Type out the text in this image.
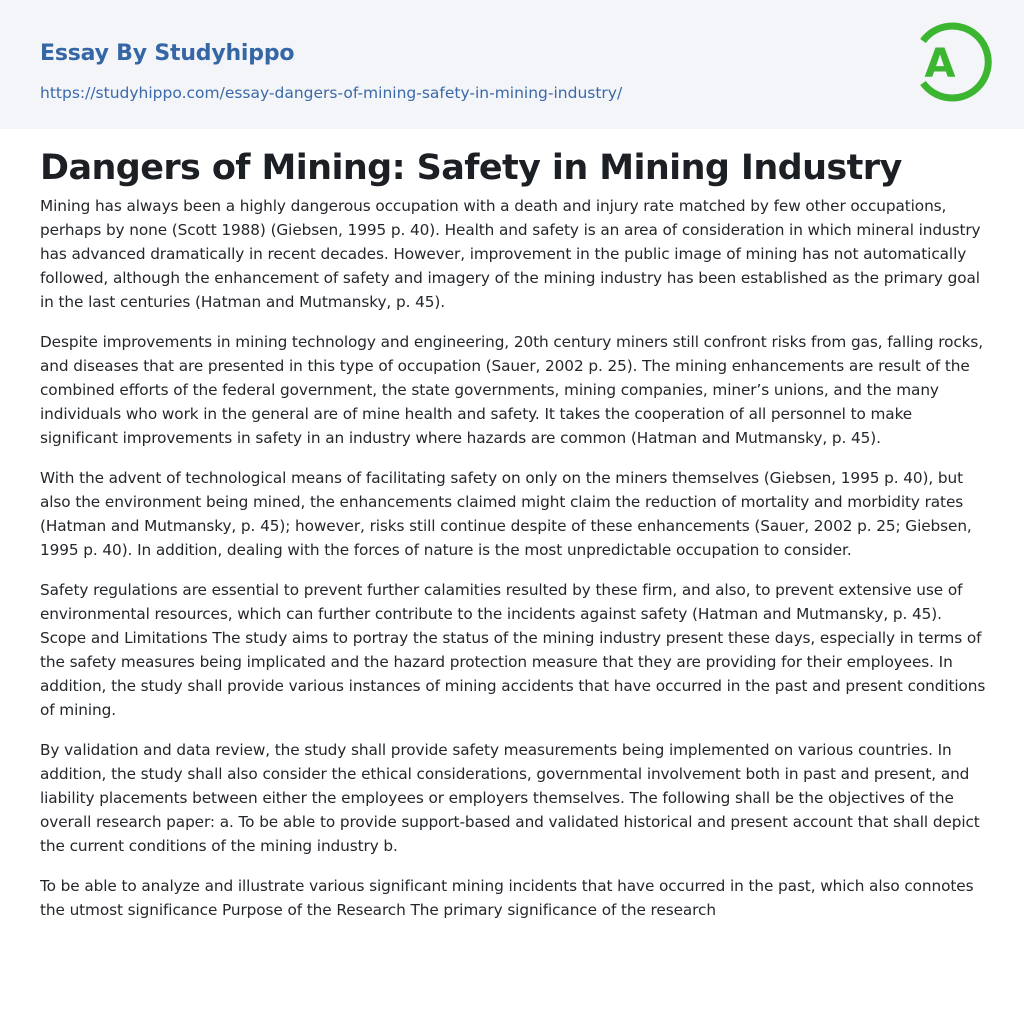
Essay By Studyhippo
https://studyhippo.com/essay-dangers-of-mining-safety-in-mining-industry/
A
Dangers of Mining: Safety in Mining Industry

Mining has always been a highly dangerous occupation with a death and injury rate matched by few other occupations, perhaps by none (Scott 1988) (Giebsen, 1995 p. 40). Health and safety is an area of consideration in which mineral industry has advanced dramatically in recent decades. However, improvement in the public image of mining has not automatically followed, although the enhancement of safety and imagery of the mining industry has been established as the primary goal in the last centuries (Hatman and Mutmansky, p. 45).

Despite improvements in mining technology and engineering, 20th century miners still confront risks from gas, falling rocks, and diseases that are presented in this type of occupation (Sauer, 2002 p. 25). The mining enhancements are result of the combined efforts of the federal government, the state governments, mining companies, miner’s unions, and the many individuals who work in the general are of mine health and safety. It takes the cooperation of all personnel to make significant improvements in safety in an industry where hazards are common (Hatman and Mutmansky, p. 45).

With the advent of technological means of facilitating safety on only on the miners themselves (Giebsen, 1995 p. 40), but also the environment being mined, the enhancements claimed might claim the reduction of mortality and morbidity rates (Hatman and Mutmansky, p. 45); however, risks still continue despite of these enhancements (Sauer, 2002 p. 25; Giebsen, 1995 p. 40). In addition, dealing with the forces of nature is the most unpredictable occupation to consider.

Safety regulations are essential to prevent further calamities resulted by these firm, and also, to prevent extensive use of environmental resources, which can further contribute to the incidents against safety (Hatman and Mutmansky, p. 45). Scope and Limitations The study aims to portray the status of the mining industry present these days, especially in terms of the safety measures being implicated and the hazard protection measure that they are providing for their employees. In addition, the study shall provide various instances of mining accidents that have occurred in the past and present conditions of mining.

By validation and data review, the study shall provide safety measurements being implemented on various countries. In addition, the study shall also consider the ethical considerations, governmental involvement both in past and present, and liability placements between either the employees or employers themselves. The following shall be the objectives of the overall research paper: a. To be able to provide support-based and validated historical and present account that shall depict the current conditions of the mining industry b.

To be able to analyze and illustrate various significant mining incidents that have occurred in the past, which also connotes the utmost significance Purpose of the Research The primary significance of the research
